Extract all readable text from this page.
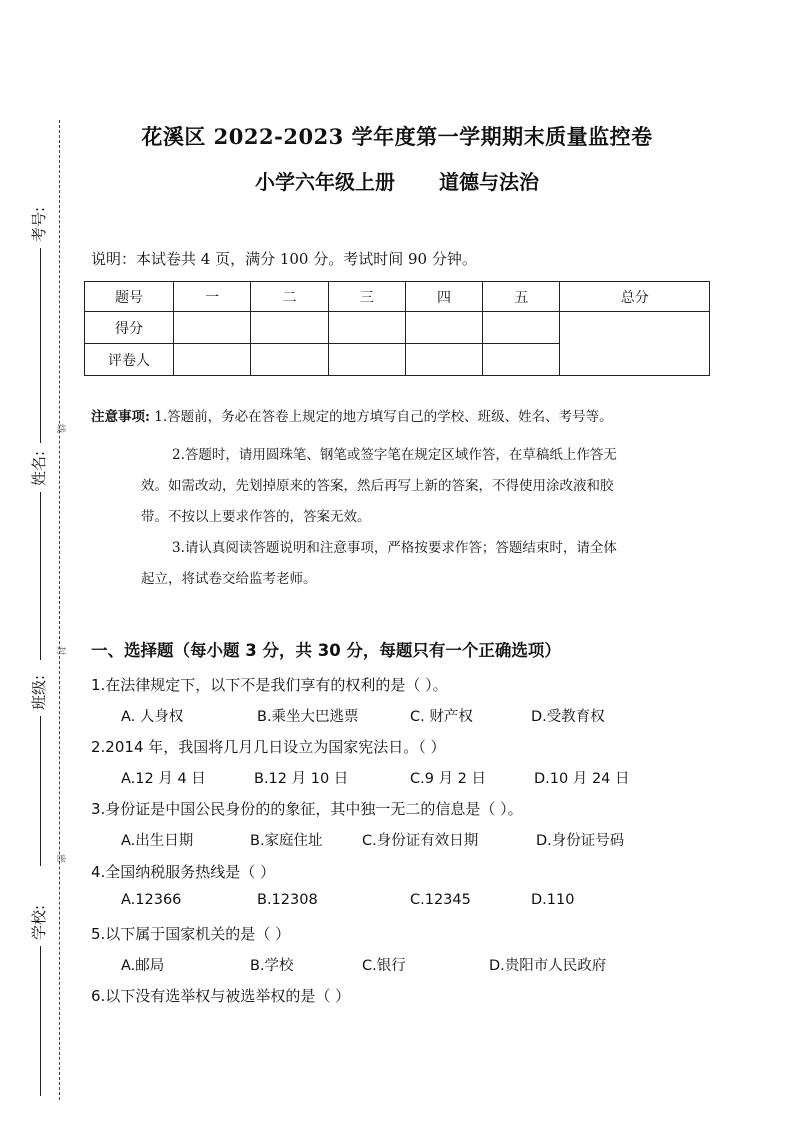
考号:
姓名:
班级:
学校:
线
封
密
花溪区 2022-2023 学年度第一学期期末质量监控卷
小学六年级上册 道德与法治
说明：本试卷共 4 页，满分 100 分。考试时间 90 分钟。
题号	一	二	三	四	五	总分
得分						
评卷人						
注意事项: 1.答题前，务必在答卷上规定的地方填写自己的学校、班级、姓名、考号等。
2.答题时，请用圆珠笔、钢笔或签字笔在规定区域作答，在草稿纸上作答无
效。如需改动，先划掉原来的答案，然后再写上新的答案，不得使用涂改液和胶
带。不按以上要求作答的，答案无效。
3.请认真阅读答题说明和注意事项，严格按要求作答；答题结束时，请全体
起立，将试卷交给监考老师。
一、选择题（每小题 3 分，共 30 分，每题只有一个正确选项）
1.在法律规定下，以下不是我们享有的权利的是（ ）。
A. 人身权	B.乘坐大巴逃票	C. 财产权	D.受教育权
2.2014 年，我国将几月几日设立为国家宪法日。（ ）
A.12 月 4 日	B.12 月 10 日	C.9 月 2 日	D.10 月 24 日
3.身份证是中国公民身份的的象征，其中独一无二的信息是（ ）。
A.出生日期	B.家庭住址	C.身份证有效日期	D.身份证号码
4.全国纳税服务热线是（ ）
A.12366	B.12308	C.12345	D.110
5.以下属于国家机关的是（ ）
A.邮局	B.学校	C.银行	D.贵阳市人民政府
6.以下没有选举权与被选举权的是（ ）
